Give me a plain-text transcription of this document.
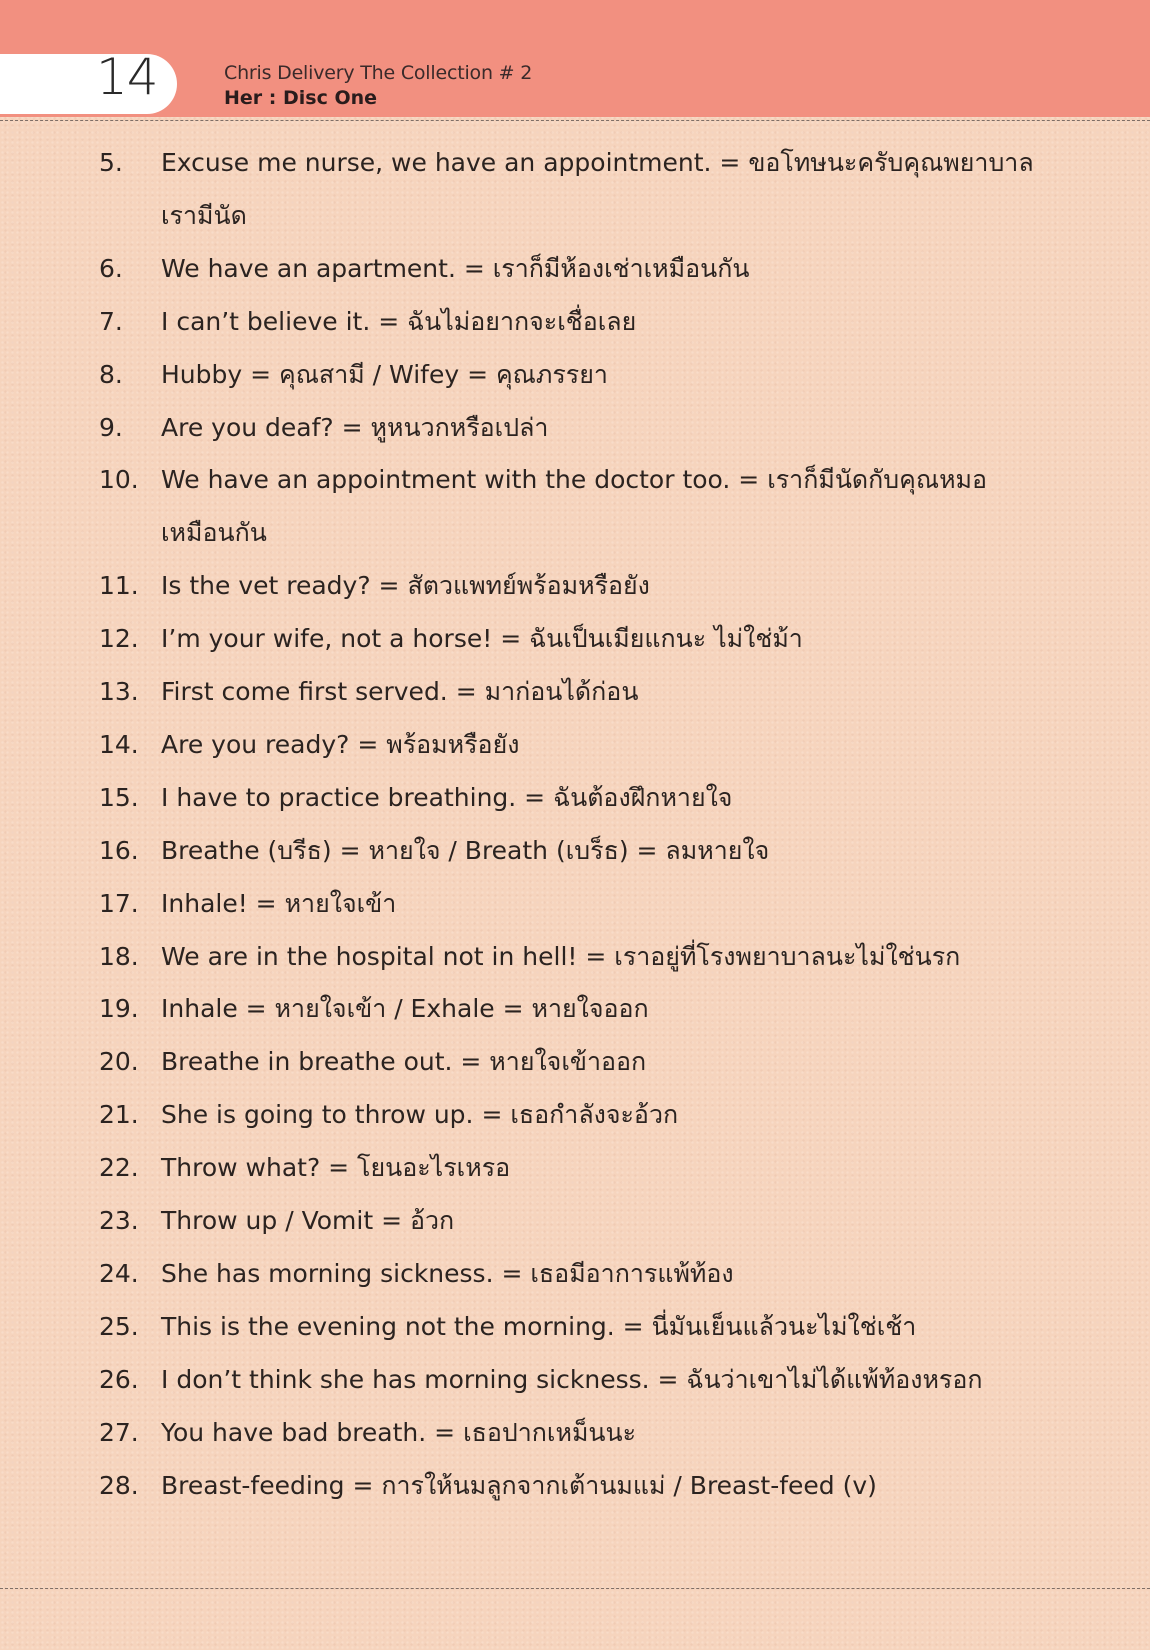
14	Chris Delivery The Collection # 2
Her : Disc One
5. Excuse me nurse, we have an appointment. = ขอโทษนะครับคุณพยาบาล
เรามีนัด
6. We have an apartment. = เราก็มีห้องเช่าเหมือนกัน
7. I can’t believe it. = ฉันไม่อยากจะเชื่อเลย
8. Hubby = คุณสามี / Wifey = คุณภรรยา
9. Are you deaf? = หูหนวกหรือเปล่า
10. We have an appointment with the doctor too. = เราก็มีนัดกับคุณหมอ
เหมือนกัน
11. Is the vet ready? = สัตวแพทย์พร้อมหรือยัง
12. I’m your wife, not a horse! = ฉันเป็นเมียแกนะ ไม่ใช่ม้า
13. First come first served. = มาก่อนได้ก่อน
14. Are you ready? = พร้อมหรือยัง
15. I have to practice breathing. = ฉันต้องฝึกหายใจ
16. Breathe (บรีธ) = หายใจ / Breath (เบร็ธ) = ลมหายใจ
17. Inhale! = หายใจเข้า
18. We are in the hospital not in hell! = เราอยู่ที่โรงพยาบาลนะไม่ใช่นรก
19. Inhale = หายใจเข้า / Exhale = หายใจออก
20. Breathe in breathe out. = หายใจเข้าออก
21. She is going to throw up. = เธอกำลังจะอ้วก
22. Throw what? = โยนอะไรเหรอ
23. Throw up / Vomit = อ้วก
24. She has morning sickness. = เธอมีอาการแพ้ท้อง
25. This is the evening not the morning. = นี่มันเย็นแล้วนะไม่ใช่เช้า
26. I don’t think she has morning sickness. = ฉันว่าเขาไม่ได้แพ้ท้องหรอก
27. You have bad breath. = เธอปากเหม็นนะ
28. Breast-feeding = การให้นมลูกจากเต้านมแม่ / Breast-feed (v)
